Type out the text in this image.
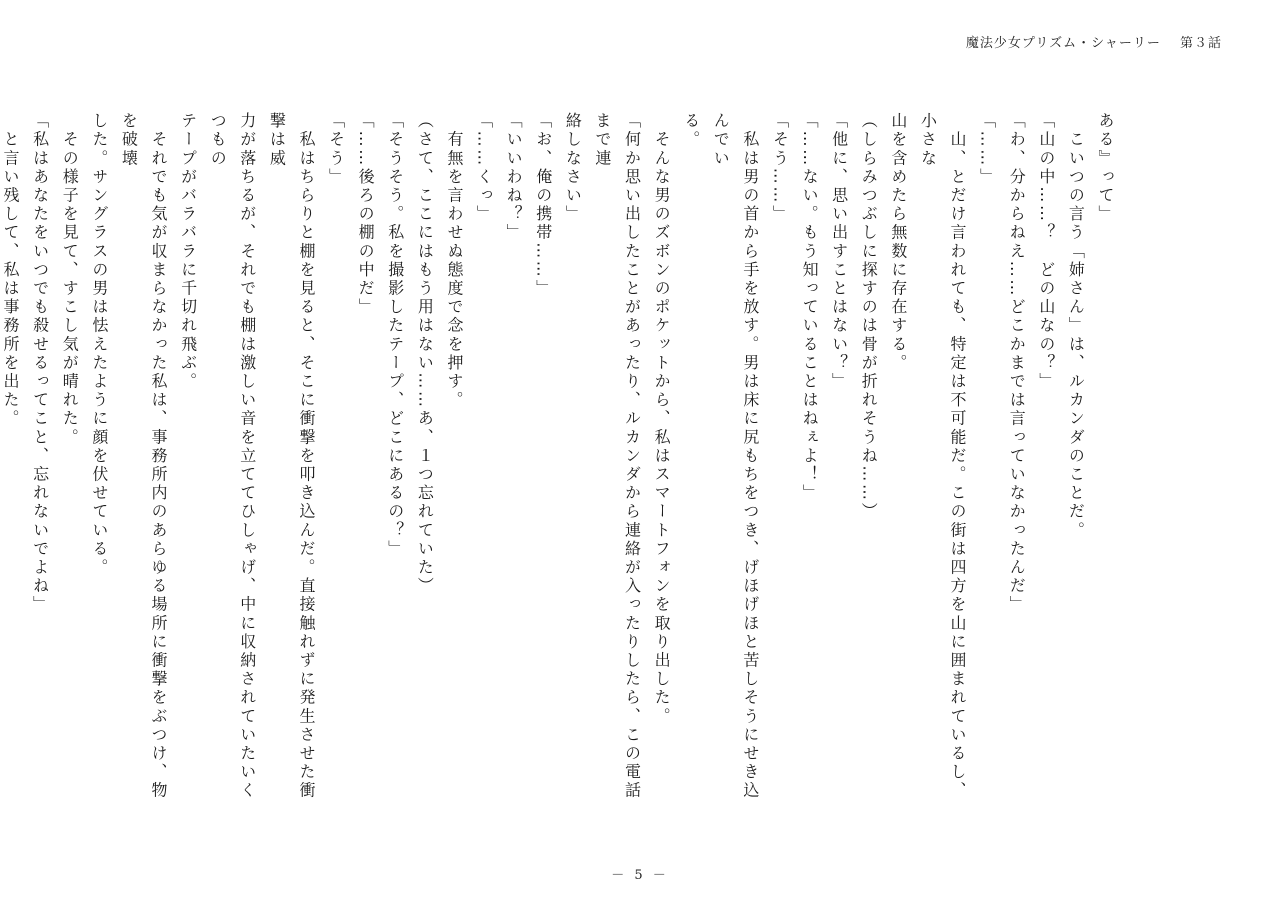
魔法少女プリズム・シャーリー 第３話

ある』って」

　こいつの言う「姉さん」は、ルカンダのことだ。

「山の中……？　どの山なの？」

「わ、分からねえ……どこかまでは言っていなかったんだ」

「……」

　山、とだけ言われても、特定は不可能だ。この街は四方を山に囲まれているし、小さな

山を含めたら無数に存在する。

（しらみつぶしに探すのは骨が折れそうね……）

「他に、思い出すことはない？」

「……ない。もう知っていることはねぇよ！」

「そう……」

　私は男の首から手を放す。男は床に尻もちをつき、げほげほと苦しそうにせき込んでい

る。

　そんな男のズボンのポケットから、私はスマートフォンを取り出した。

「何か思い出したことがあったり、ルカンダから連絡が入ったりしたら、この電話まで連

絡しなさい」

「お、俺の携帯……」

「いいわね？」

「……くっ」

　有無を言わせぬ態度で念を押す。

（さて、ここにはもう用はない……あ、１つ忘れていた）

「そうそう。私を撮影したテープ、どこにあるの？」

「……後ろの棚の中だ」

「そう」

　私はちらりと棚を見ると、そこに衝撃を叩き込んだ。直接触れずに発生させた衝撃は威

力が落ちるが、それでも棚は激しい音を立ててひしゃげ、中に収納されていたいくつもの

テープがバラバラに千切れ飛ぶ。

　それでも気が収まらなかった私は、事務所内のあらゆる場所に衝撃をぶつけ、物を破壊

した。サングラスの男は怯えたように顔を伏せている。

　その様子を見て、すこし気が晴れた。

「私はあなたをいつでも殺せるってこと、忘れないでよね」

　と言い残して、私は事務所を出た。

－ 5 －
